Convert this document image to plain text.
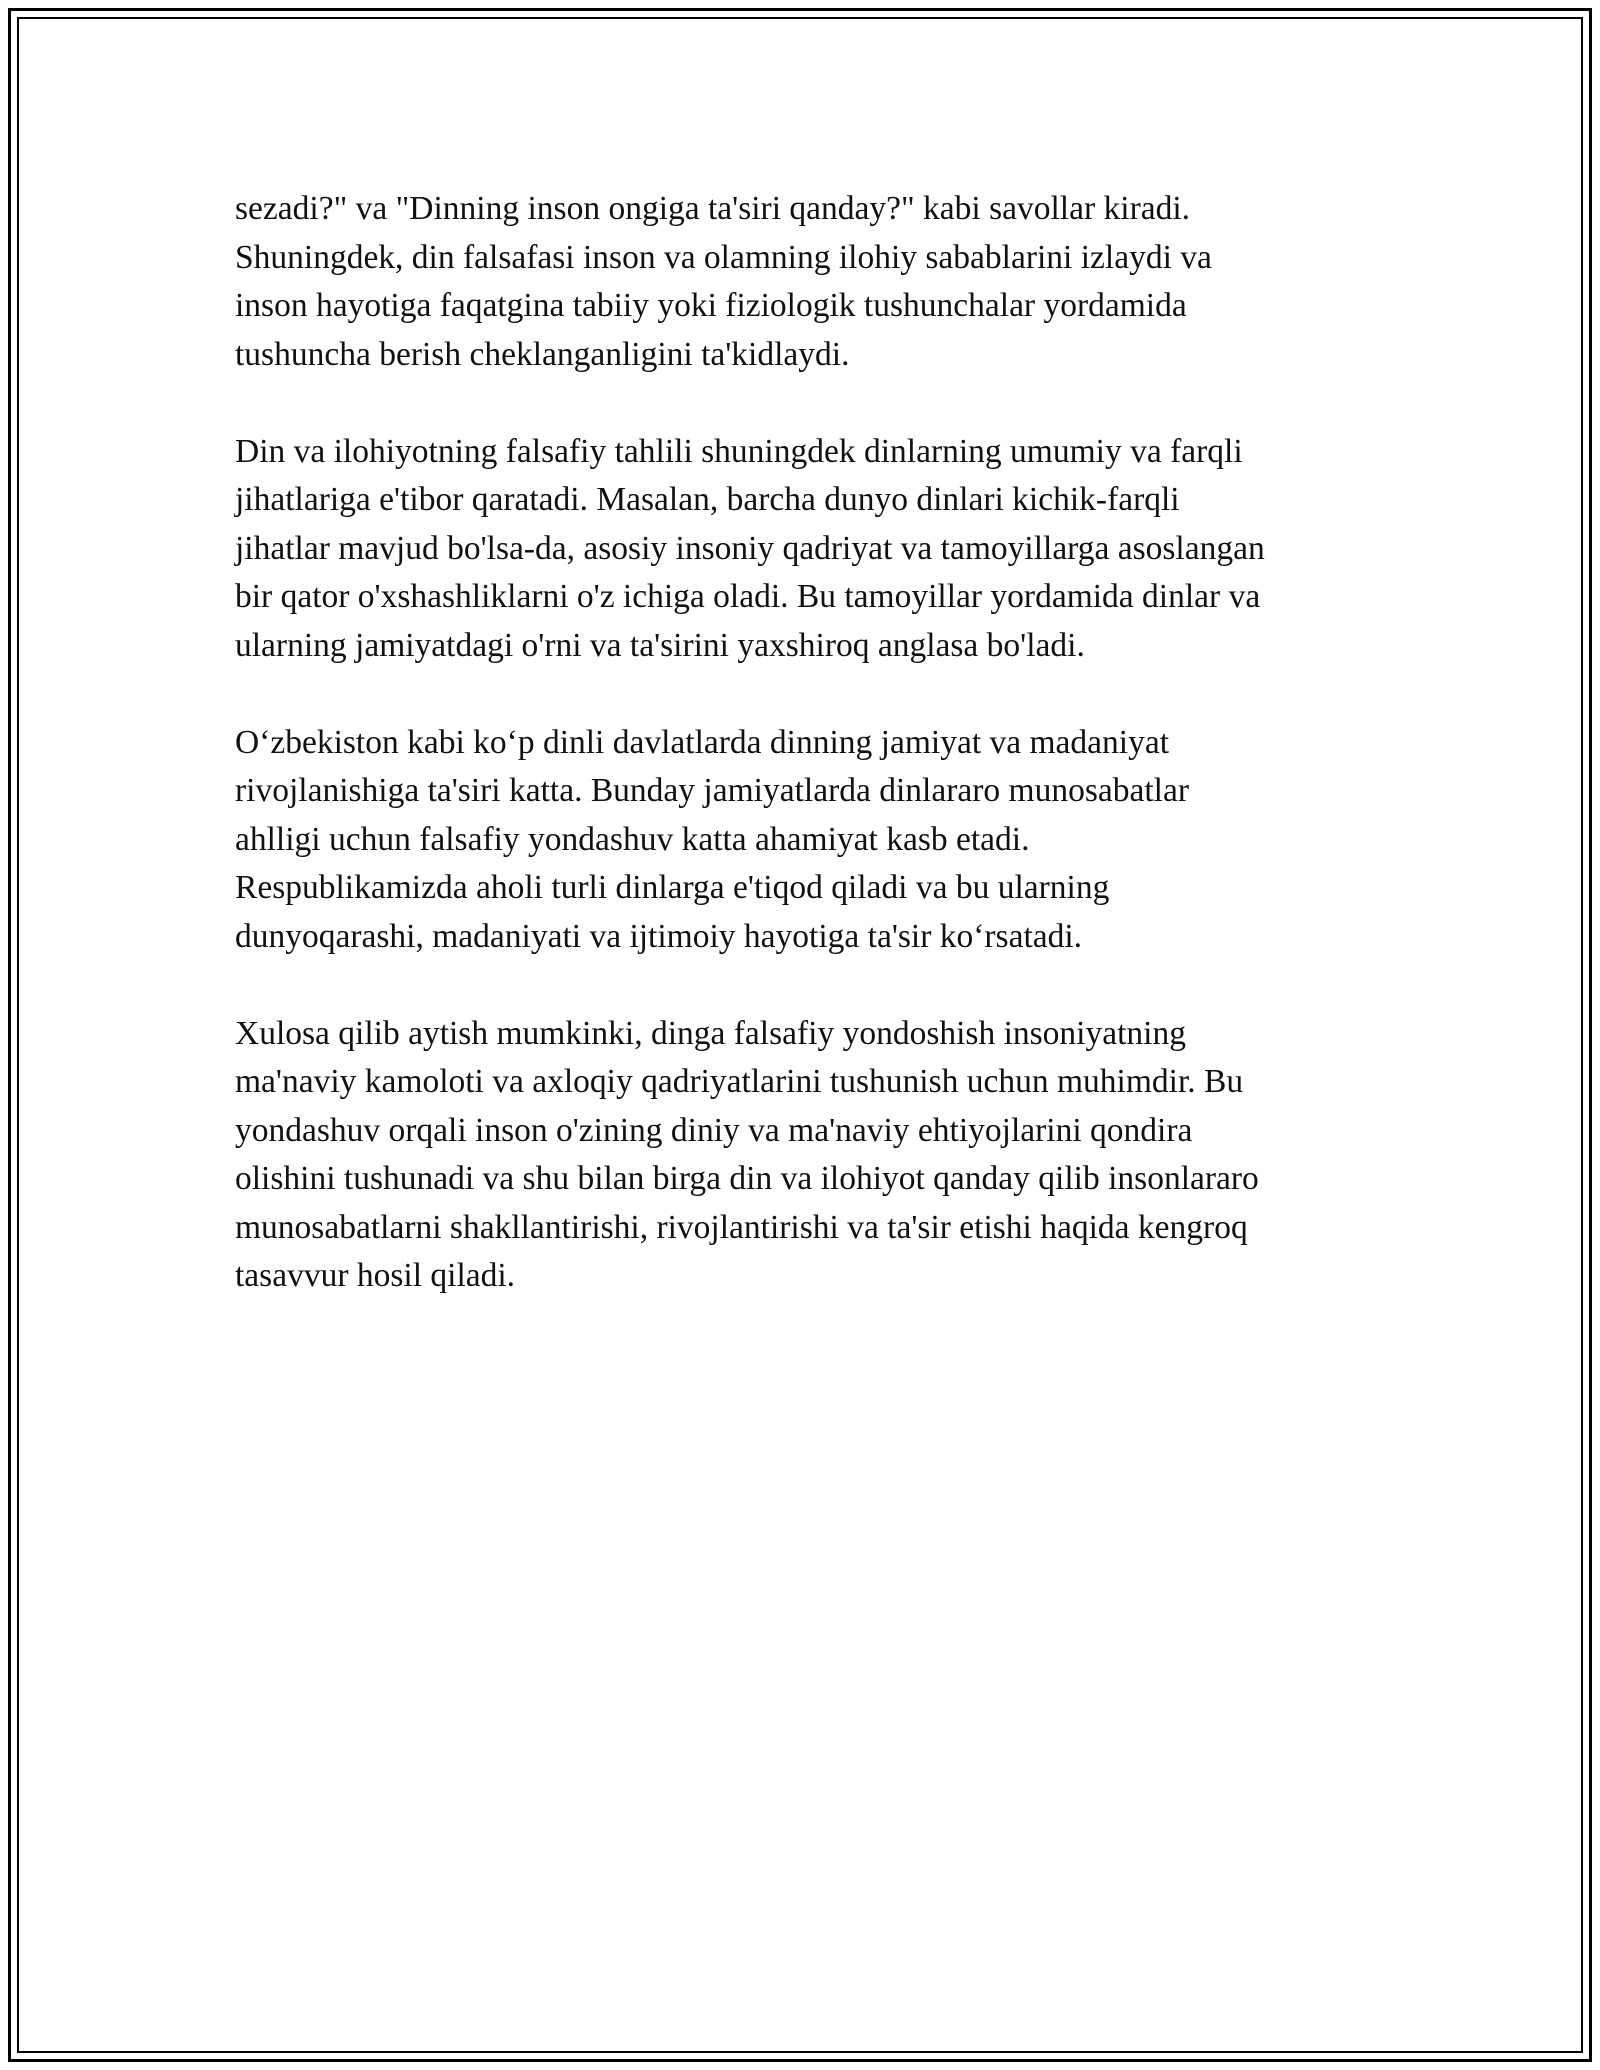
sezadi?" va "Dinning inson ongiga ta'siri qanday?" kabi savollar kiradi.
Shuningdek, din falsafasi inson va olamning ilohiy sabablarini izlaydi va
inson hayotiga faqatgina tabiiy yoki fiziologik tushunchalar yordamida
tushuncha berish cheklanganligini ta'kidlaydi.

Din va ilohiyotning falsafiy tahlili shuningdek dinlarning umumiy va farqli
jihatlariga e'tibor qaratadi. Masalan, barcha dunyo dinlari kichik-farqli
jihatlar mavjud bo'lsa-da, asosiy insoniy qadriyat va tamoyillarga asoslangan
bir qator o'xshashliklarni o'z ichiga oladi. Bu tamoyillar yordamida dinlar va
ularning jamiyatdagi o'rni va ta'sirini yaxshiroq anglasa bo'ladi.

O‘zbekiston kabi ko‘p dinli davlatlarda dinning jamiyat va madaniyat
rivojlanishiga ta'siri katta. Bunday jamiyatlarda dinlararo munosabatlar
ahlligi uchun falsafiy yondashuv katta ahamiyat kasb etadi.
Respublikamizda aholi turli dinlarga e'tiqod qiladi va bu ularning
dunyoqarashi, madaniyati va ijtimoiy hayotiga ta'sir ko‘rsatadi.

Xulosa qilib aytish mumkinki, dinga falsafiy yondoshish insoniyatning
ma'naviy kamoloti va axloqiy qadriyatlarini tushunish uchun muhimdir. Bu
yondashuv orqali inson o'zining diniy va ma'naviy ehtiyojlarini qondira
olishini tushunadi va shu bilan birga din va ilohiyot qanday qilib insonlararo
munosabatlarni shakllantirishi, rivojlantirishi va ta'sir etishi haqida kengroq
tasavvur hosil qiladi.
